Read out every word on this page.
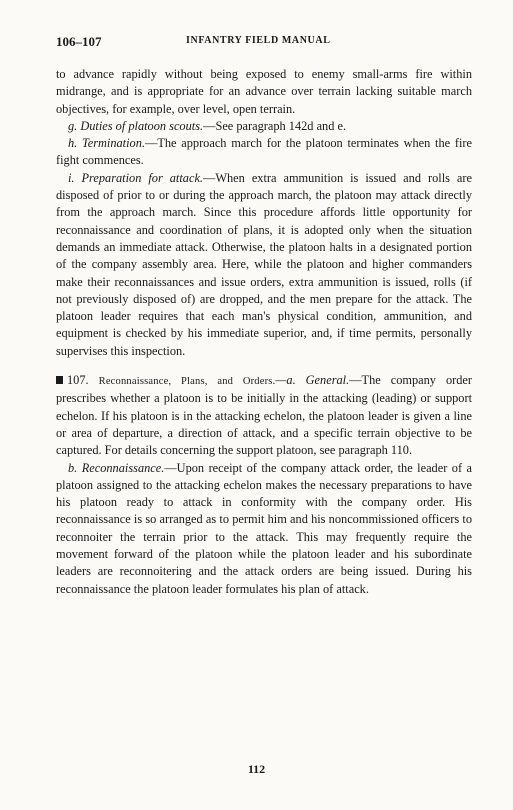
106–107	INFANTRY FIELD MANUAL

to advance rapidly without being exposed to enemy small-arms fire within midrange, and is appropriate for an advance over terrain lacking suitable march objectives, for example, over level, open terrain.

g. Duties of platoon scouts.—See paragraph 142d and e.

h. Termination.—The approach march for the platoon terminates when the fire fight commences.

i. Preparation for attack.—When extra ammunition is issued and rolls are disposed of prior to or during the approach march, the platoon may attack directly from the approach march. Since this procedure affords little opportunity for reconnaissance and coordination of plans, it is adopted only when the situation demands an immediate attack. Otherwise, the platoon halts in a designated portion of the company assembly area. Here, while the platoon and higher commanders make their reconnaissances and issue orders, extra ammunition is issued, rolls (if not previously disposed of) are dropped, and the men prepare for the attack. The platoon leader requires that each man's physical condition, ammunition, and equipment is checked by his immediate superior, and, if time permits, personally supervises this inspection.

107. Reconnaissance, Plans, and Orders.—a. General.—The company order prescribes whether a platoon is to be initially in the attacking (leading) or support echelon. If his platoon is in the attacking echelon, the platoon leader is given a line or area of departure, a direction of attack, and a specific terrain objective to be captured. For details concerning the support platoon, see paragraph 110.

b. Reconnaissance.—Upon receipt of the company attack order, the leader of a platoon assigned to the attacking echelon makes the necessary preparations to have his platoon ready to attack in conformity with the company order. His reconnaissance is so arranged as to permit him and his noncommissioned officers to reconnoiter the terrain prior to the attack. This may frequently require the movement forward of the platoon while the platoon leader and his subordinate leaders are reconnoitering and the attack orders are being issued. During his reconnaissance the platoon leader formulates his plan of attack.

112
